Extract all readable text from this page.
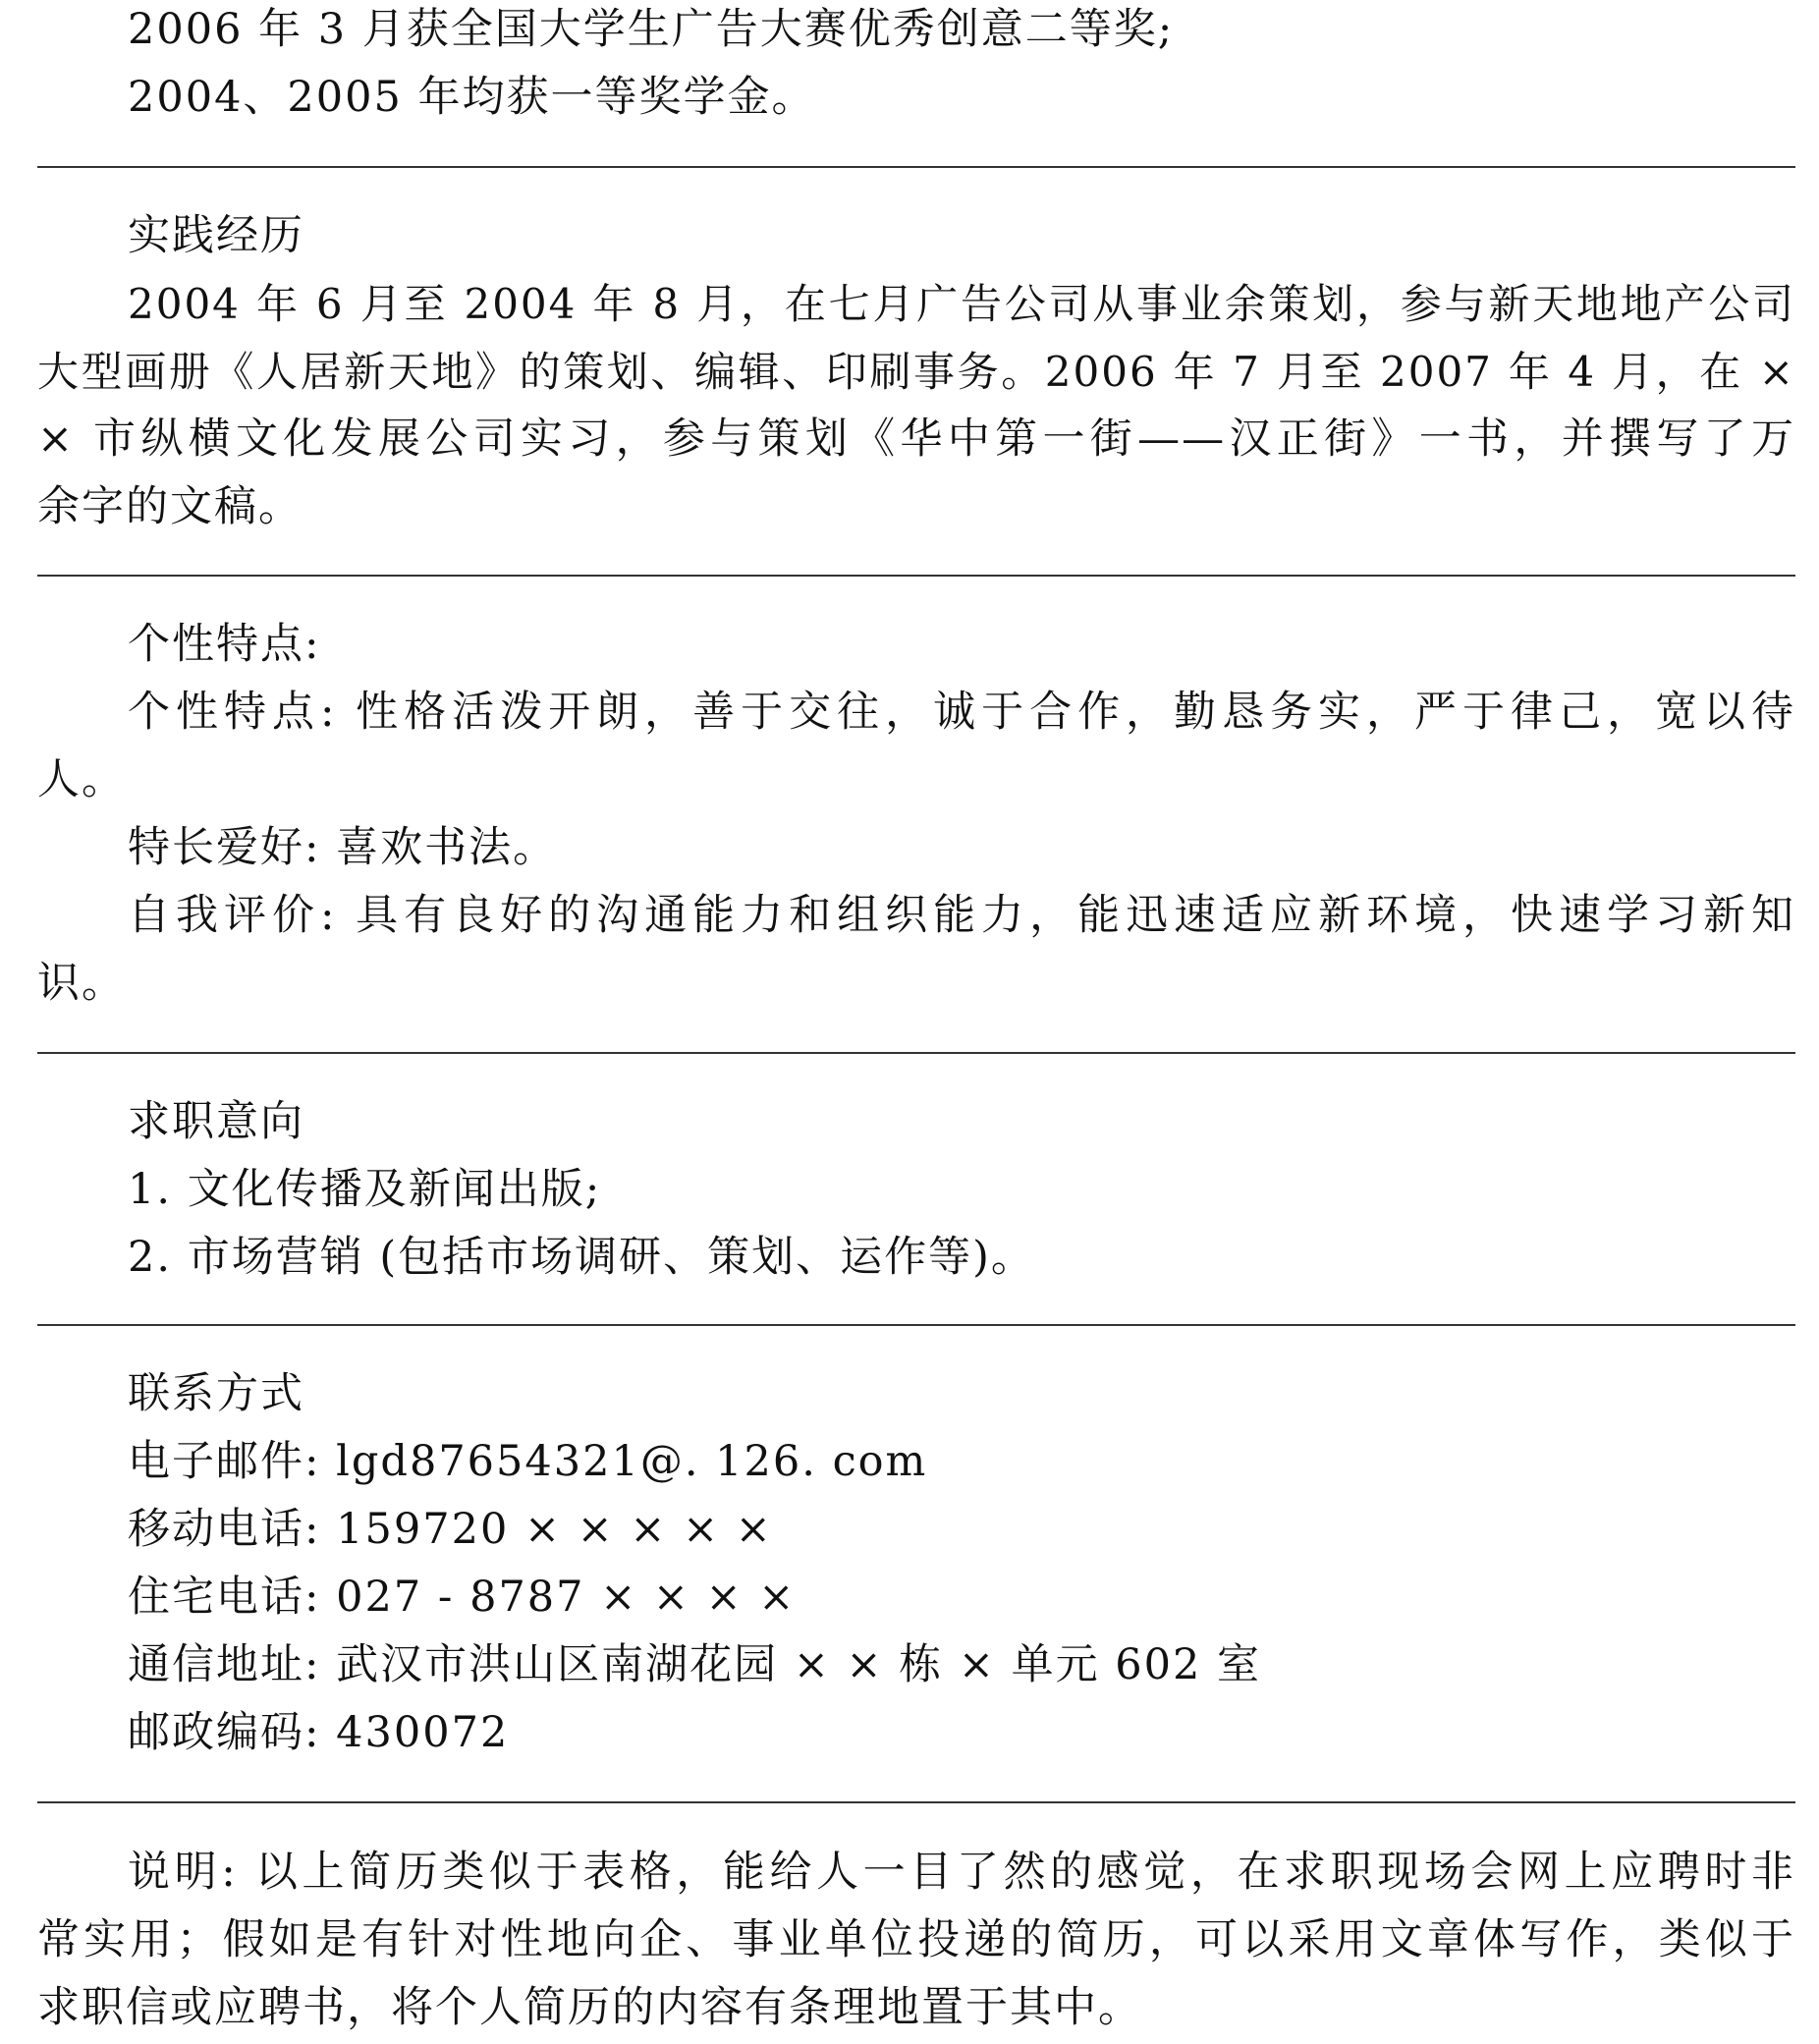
2006 年 3 月获全国大学生广告大赛优秀创意二等奖;

2004、2005 年均获一等奖学金。

实践经历

2004 年 6 月至 2004 年 8 月，在七月广告公司从事业余策划，参与新天地地产公司

大型画册《人居新天地》的策划、编辑、印刷事务。2006 年 7 月至 2007 年 4 月，在 ×

× 市纵横文化发展公司实习，参与策划《华中第一街——汉正街》一书，并撰写了万

余字的文稿。

个性特点:

个性特点: 性格活泼开朗，善于交往，诚于合作，勤恳务实，严于律己，宽以待

人。

特长爱好: 喜欢书法。

自我评价: 具有良好的沟通能力和组织能力，能迅速适应新环境，快速学习新知

识。

求职意向

1. 文化传播及新闻出版;

2. 市场营销 (包括市场调研、策划、运作等)。

联系方式

电子邮件: lgd87654321@. 126. com

移动电话: 159720 × × × × ×

住宅电话: 027 - 8787 × × × ×

通信地址: 武汉市洪山区南湖花园 × × 栋 × 单元 602 室

邮政编码: 430072

说明: 以上简历类似于表格，能给人一目了然的感觉，在求职现场会网上应聘时非

常实用；假如是有针对性地向企、事业单位投递的简历，可以采用文章体写作，类似于

求职信或应聘书，将个人简历的内容有条理地置于其中。
